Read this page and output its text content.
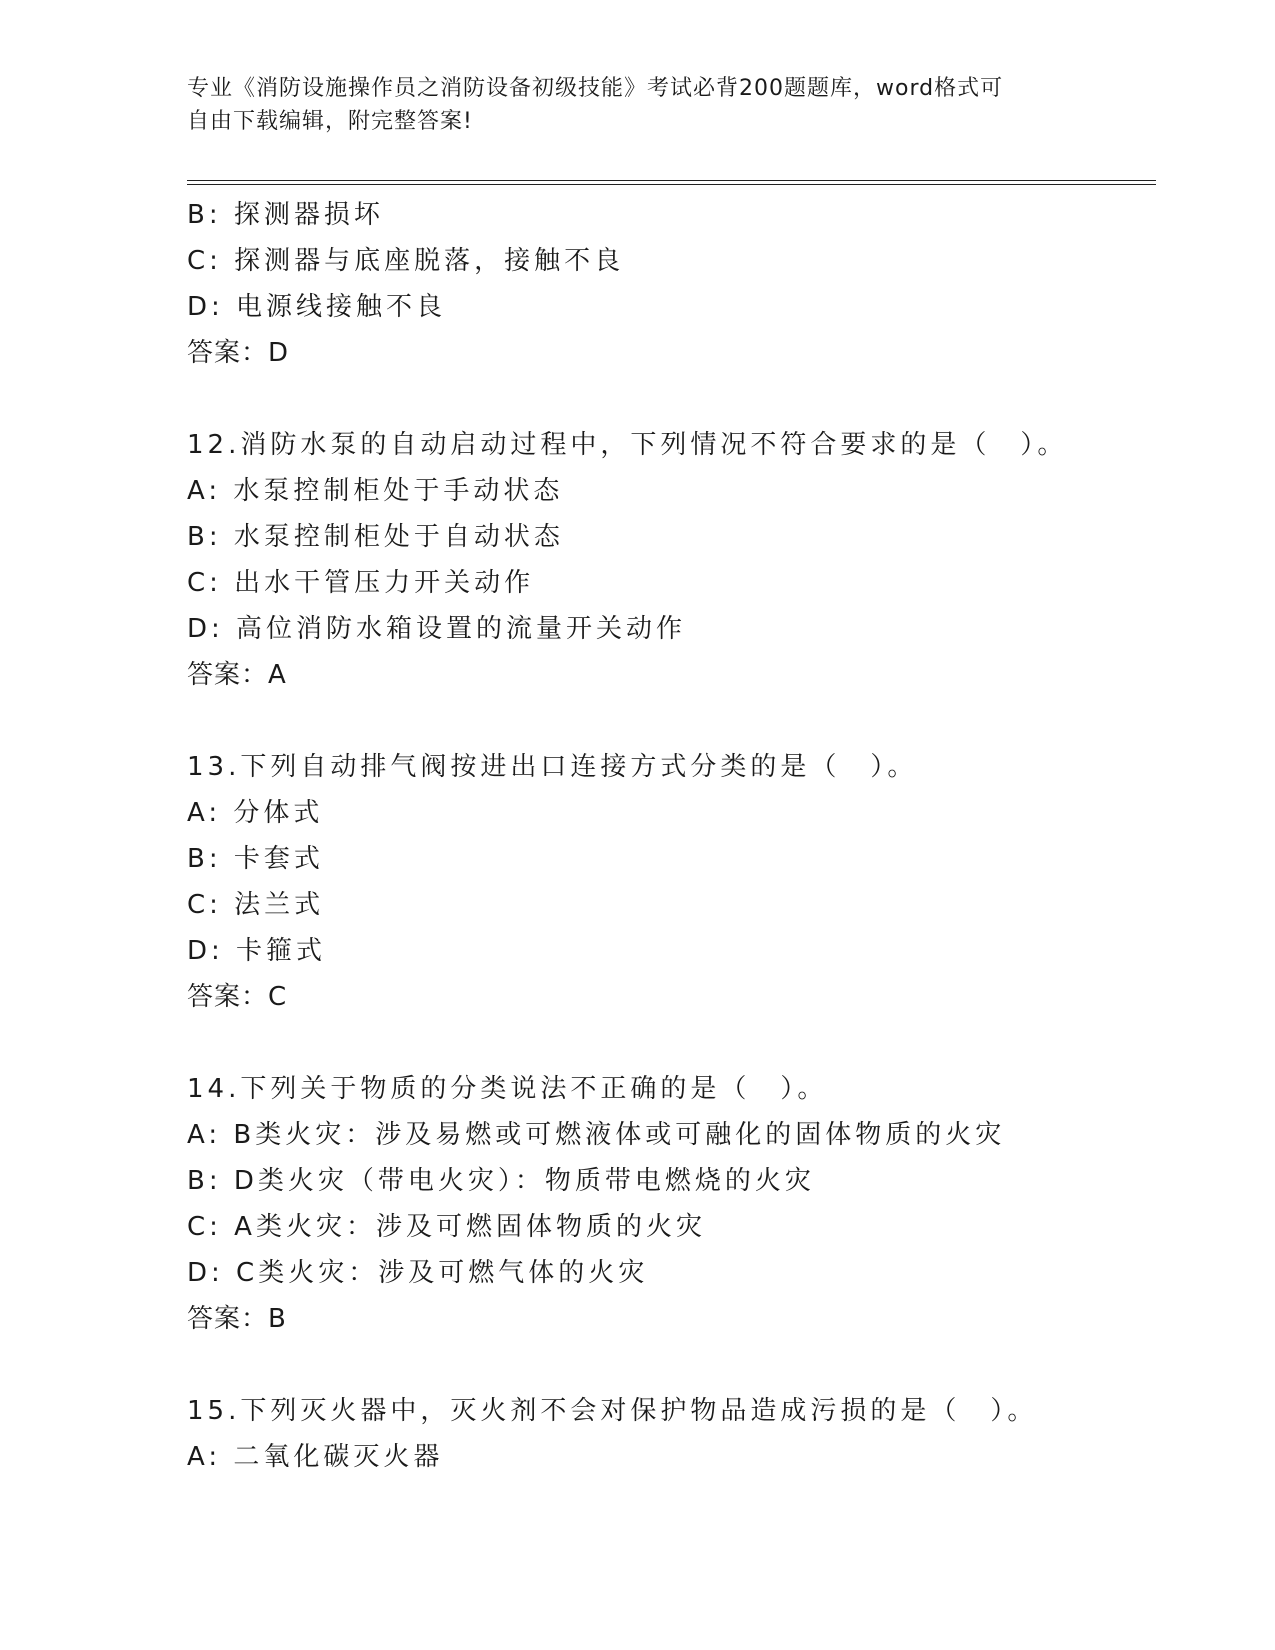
专业《消防设施操作员之消防设备初级技能》考试必背200题题库，word格式可
自由下载编辑，附完整答案!
B: 探测器损坏
C: 探测器与底座脱落，接触不良
D: 电源线接触不良
答案：D
12.消防水泵的自动启动过程中，下列情况不符合要求的是（　）。
A: 水泵控制柜处于手动状态
B: 水泵控制柜处于自动状态
C: 出水干管压力开关动作
D: 高位消防水箱设置的流量开关动作
答案：A
13.下列自动排气阀按进出口连接方式分类的是（　）。
A: 分体式
B: 卡套式
C: 法兰式
D: 卡箍式
答案：C
14.下列关于物质的分类说法不正确的是（　）。
A: B类火灾：涉及易燃或可燃液体或可融化的固体物质的火灾
B: D类火灾（带电火灾）：物质带电燃烧的火灾
C: A类火灾：涉及可燃固体物质的火灾
D: C类火灾：涉及可燃气体的火灾
答案：B
15.下列灭火器中，灭火剂不会对保护物品造成污损的是（　）。
A: 二氧化碳灭火器
